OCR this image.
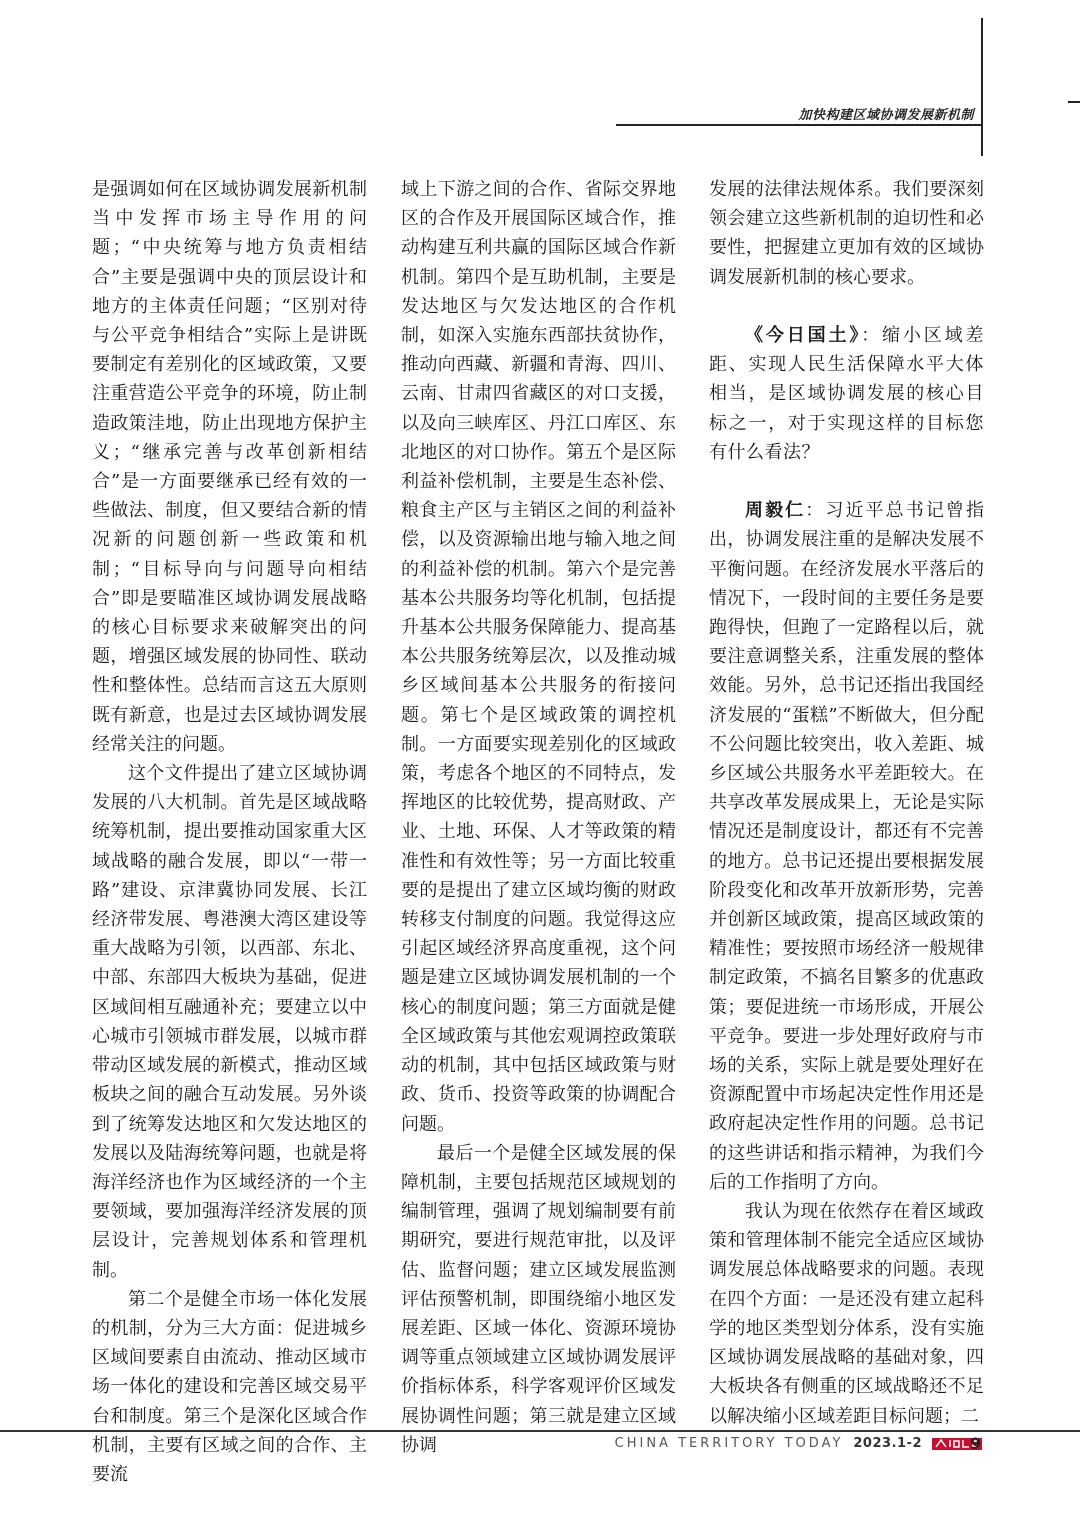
加快构建区域协调发展新机制

是强调如何在区域协调发展新机制当中发挥市场主导作用的问题；“中央统筹与地方负责相结合”主要是强调中央的顶层设计和地方的主体责任问题；“区别对待与公平竞争相结合”实际上是讲既要制定有差别化的区域政策，又要注重营造公平竞争的环境，防止制造政策洼地，防止出现地方保护主义；“继承完善与改革创新相结合”是一方面要继承已经有效的一些做法、制度，但又要结合新的情况新的问题创新一些政策和机制；“目标导向与问题导向相结合”即是要瞄准区域协调发展战略的核心目标要求来破解突出的问题，增强区域发展的协同性、联动性和整体性。总结而言这五大原则既有新意，也是过去区域协调发展经常关注的问题。

这个文件提出了建立区域协调发展的八大机制。首先是区域战略统筹机制，提出要推动国家重大区域战略的融合发展，即以“一带一路”建设、京津冀协同发展、长江经济带发展、粤港澳大湾区建设等重大战略为引领，以西部、东北、中部、东部四大板块为基础，促进区域间相互融通补充；要建立以中心城市引领城市群发展，以城市群带动区域发展的新模式，推动区域板块之间的融合互动发展。另外谈到了统筹发达地区和欠发达地区的发展以及陆海统筹问题，也就是将海洋经济也作为区域经济的一个主要领域，要加强海洋经济发展的顶层设计，完善规划体系和管理机制。

第二个是健全市场一体化发展的机制，分为三大方面：促进城乡区域间要素自由流动、推动区域市场一体化的建设和完善区域交易平台和制度。第三个是深化区域合作机制，主要有区域之间的合作、主要流

域上下游之间的合作、省际交界地区的合作及开展国际区域合作，推动构建互利共赢的国际区域合作新机制。第四个是互助机制，主要是发达地区与欠发达地区的合作机制，如深入实施东西部扶贫协作，推动向西藏、新疆和青海、四川、云南、甘肃四省藏区的对口支援，以及向三峡库区、丹江口库区、东北地区的对口协作。第五个是区际利益补偿机制，主要是生态补偿、粮食主产区与主销区之间的利益补偿，以及资源输出地与输入地之间的利益补偿的机制。第六个是完善基本公共服务均等化机制，包括提升基本公共服务保障能力、提高基本公共服务统筹层次，以及推动城乡区域间基本公共服务的衔接问题。第七个是区域政策的调控机制。一方面要实现差别化的区域政策，考虑各个地区的不同特点，发挥地区的比较优势，提高财政、产业、土地、环保、人才等政策的精准性和有效性等；另一方面比较重要的是提出了建立区域均衡的财政转移支付制度的问题。我觉得这应引起区域经济界高度重视，这个问题是建立区域协调发展机制的一个核心的制度问题；第三方面就是健全区域政策与其他宏观调控政策联动的机制，其中包括区域政策与财政、货币、投资等政策的协调配合问题。

最后一个是健全区域发展的保障机制，主要包括规范区域规划的编制管理，强调了规划编制要有前期研究，要进行规范审批，以及评估、监督问题；建立区域发展监测评估预警机制，即围绕缩小地区发展差距、区域一体化、资源环境协调等重点领域建立区域协调发展评价指标体系，科学客观评价区域发展协调性问题；第三就是建立区域协调

发展的法律法规体系。我们要深刻领会建立这些新机制的迫切性和必要性，把握建立更加有效的区域协调发展新机制的核心要求。

《今日国土》：缩小区域差距、实现人民生活保障水平大体相当，是区域协调发展的核心目标之一，对于实现这样的目标您有什么看法？

周毅仁：习近平总书记曾指出，协调发展注重的是解决发展不平衡问题。在经济发展水平落后的情况下，一段时间的主要任务是要跑得快，但跑了一定路程以后，就要注意调整关系，注重发展的整体效能。另外，总书记还指出我国经济发展的“蛋糕”不断做大，但分配不公问题比较突出，收入差距、城乡区域公共服务水平差距较大。在共享改革发展成果上，无论是实际情况还是制度设计，都还有不完善的地方。总书记还提出要根据发展阶段变化和改革开放新形势，完善并创新区域政策，提高区域政策的精准性；要按照市场经济一般规律制定政策，不搞名目繁多的优惠政策；要促进统一市场形成，开展公平竞争。要进一步处理好政府与市场的关系，实际上就是要处理好在资源配置中市场起决定性作用还是政府起决定性作用的问题。总书记的这些讲话和指示精神，为我们今后的工作指明了方向。

我认为现在依然存在着区域政策和管理体制不能完全适应区域协调发展总体战略要求的问题。表现在四个方面：一是还没有建立起科学的地区类型划分体系，没有实施区域协调发展战略的基础对象，四大板块各有侧重的区域战略还不足以解决缩小区域差距目标问题；二

CHINA TERRITORY TODAY 2023.1-2	9
